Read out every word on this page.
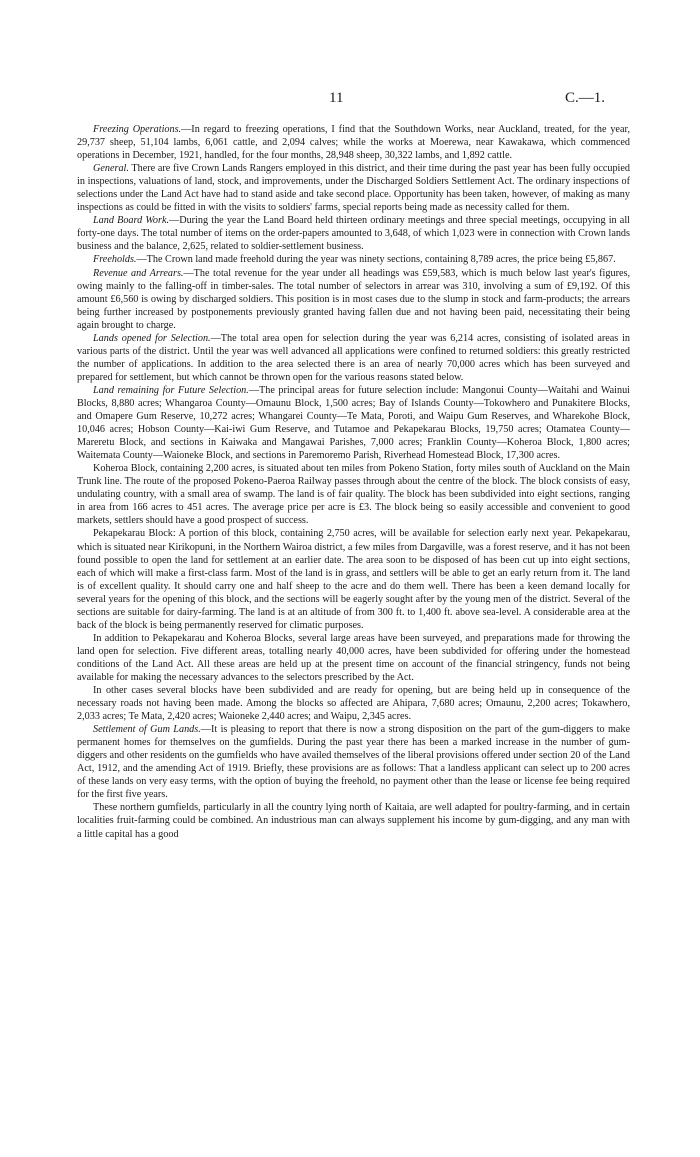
11	C.—1.

Freezing Operations.—In regard to freezing operations, I find that the Southdown Works, near Auckland, treated, for the year, 29,737 sheep, 51,104 lambs, 6,061 cattle, and 2,094 calves; while the works at Moerewa, near Kawakawa, which commenced operations in December, 1921, handled, for the four months, 28,948 sheep, 30,322 lambs, and 1,892 cattle.

General. There are five Crown Lands Rangers employed in this district, and their time during the past year has been fully occupied in inspections, valuations of land, stock, and improvements, under the Discharged Soldiers Settlement Act. The ordinary inspections of selections under the Land Act have had to stand aside and take second place. Opportunity has been taken, however, of making as many inspections as could be fitted in with the visits to soldiers' farms, special reports being made as necessity called for them.

Land Board Work.—During the year the Land Board held thirteen ordinary meetings and three special meetings, occupying in all forty-one days. The total number of items on the order-papers amounted to 3,648, of which 1,023 were in connection with Crown lands business and the balance, 2,625, related to soldier-settlement business.

Freeholds.—The Crown land made freehold during the year was ninety sections, containing 8,789 acres, the price being £5,867.

Revenue and Arrears.—The total revenue for the year under all headings was £59,583, which is much below last year's figures, owing mainly to the falling-off in timber-sales. The total number of selectors in arrear was 310, involving a sum of £9,192. Of this amount £6,560 is owing by discharged soldiers. This position is in most cases due to the slump in stock and farm-products; the arrears being further increased by postponements previously granted having fallen due and not having been paid, necessitating their being again brought to charge.

Lands opened for Selection.—The total area open for selection during the year was 6,214 acres, consisting of isolated areas in various parts of the district. Until the year was well advanced all applications were confined to returned soldiers: this greatly restricted the number of applications. In addition to the area selected there is an area of nearly 70,000 acres which has been surveyed and prepared for settlement, but which cannot be thrown open for the various reasons stated below.

Land remaining for Future Selection.—The principal areas for future selection include: Mangonui County—Waitahi and Wainui Blocks, 8,880 acres; Whangaroa County—Omaunu Block, 1,500 acres; Bay of Islands County—Tokowhero and Punakitere Blocks, and Omapere Gum Reserve, 10,272 acres; Whangarei County—Te Mata, Poroti, and Waipu Gum Reserves, and Wharekohe Block, 10,046 acres; Hobson County—Kai-iwi Gum Reserve, and Tutamoe and Pekapekarau Blocks, 19,750 acres; Otamatea County—Mareretu Block, and sections in Kaiwaka and Mangawai Parishes, 7,000 acres; Franklin County—Koheroa Block, 1,800 acres; Waitemata County—Waioneke Block, and sections in Paremoremo Parish, Riverhead Homestead Block, 17,300 acres.

Koheroa Block, containing 2,200 acres, is situated about ten miles from Pokeno Station, forty miles south of Auckland on the Main Trunk line. The route of the proposed Pokeno-Paeroa Railway passes through about the centre of the block. The block consists of easy, undulating country, with a small area of swamp. The land is of fair quality. The block has been subdivided into eight sections, ranging in area from 166 acres to 451 acres. The average price per acre is £3. The block being so easily accessible and convenient to good markets, settlers should have a good prospect of success.

Pekapekarau Block: A portion of this block, containing 2,750 acres, will be available for selection early next year. Pekapekarau, which is situated near Kirikopuni, in the Northern Wairoa district, a few miles from Dargaville, was a forest reserve, and it has not been found possible to open the land for settlement at an earlier date. The area soon to be disposed of has been cut up into eight sections, each of which will make a first-class farm. Most of the land is in grass, and settlers will be able to get an early return from it. The land is of excellent quality. It should carry one and half sheep to the acre and do them well. There has been a keen demand locally for several years for the opening of this block, and the sections will be eagerly sought after by the young men of the district. Several of the sections are suitable for dairy-farming. The land is at an altitude of from 300 ft. to 1,400 ft. above sea-level. A considerable area at the back of the block is being permanently reserved for climatic purposes.

In addition to Pekapekarau and Koheroa Blocks, several large areas have been surveyed, and preparations made for throwing the land open for selection. Five different areas, totalling nearly 40,000 acres, have been subdivided for offering under the homestead conditions of the Land Act. All these areas are held up at the present time on account of the financial stringency, funds not being available for making the necessary advances to the selectors prescribed by the Act.

In other cases several blocks have been subdivided and are ready for opening, but are being held up in consequence of the necessary roads not having been made. Among the blocks so affected are Ahipara, 7,680 acres; Omaunu, 2,200 acres; Tokawhero, 2,033 acres; Te Mata, 2,420 acres; Waioneke 2,440 acres; and Waipu, 2,345 acres.

Settlement of Gum Lands.—It is pleasing to report that there is now a strong disposition on the part of the gum-diggers to make permanent homes for themselves on the gumfields. During the past year there has been a marked increase in the number of gum-diggers and other residents on the gumfields who have availed themselves of the liberal provisions offered under section 20 of the Land Act, 1912, and the amending Act of 1919. Briefly, these provisions are as follows: That a landless applicant can select up to 200 acres of these lands on very easy terms, with the option of buying the freehold, no payment other than the lease or license fee being required for the first five years.

These northern gumfields, particularly in all the country lying north of Kaitaia, are well adapted for poultry-farming, and in certain localities fruit-farming could be combined. An industrious man can always supplement his income by gum-digging, and any man with a little capital has a good
